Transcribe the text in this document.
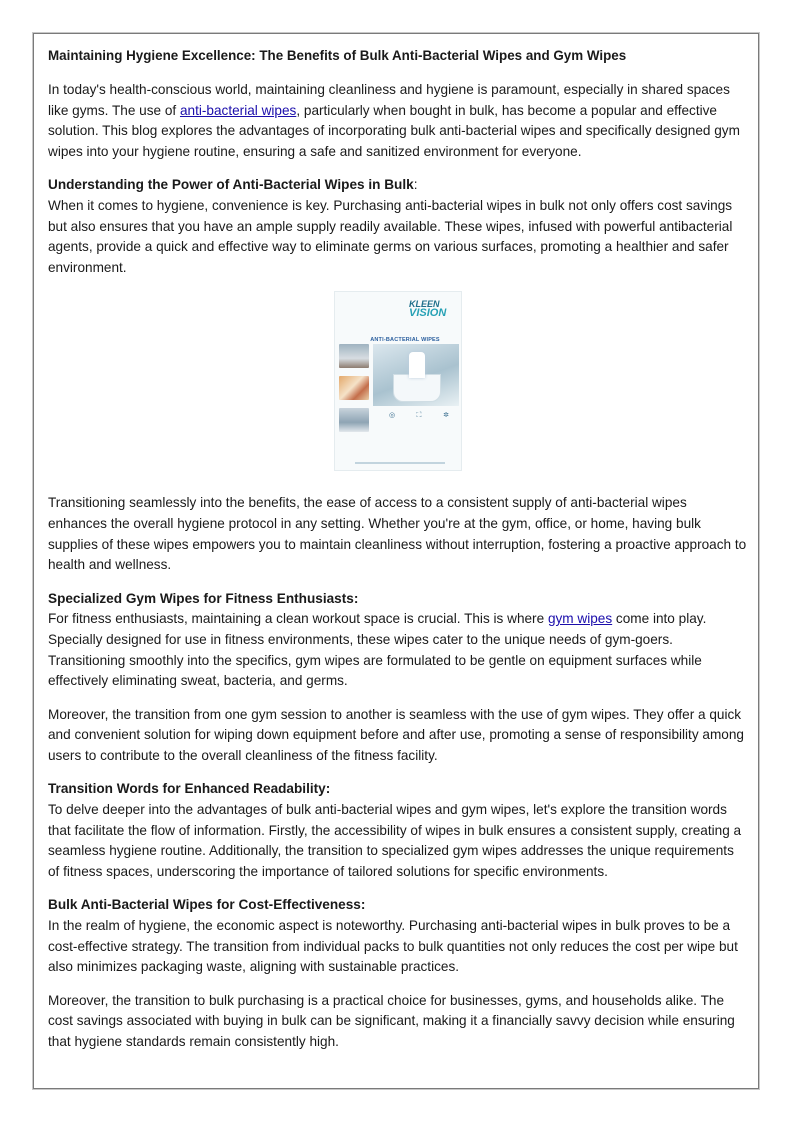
Maintaining Hygiene Excellence: The Benefits of Bulk Anti-Bacterial Wipes and Gym Wipes

In today's health-conscious world, maintaining cleanliness and hygiene is paramount, especially in shared spaces like gyms. The use of anti-bacterial wipes, particularly when bought in bulk, has become a popular and effective solution. This blog explores the advantages of incorporating bulk anti-bacterial wipes and specifically designed gym wipes into your hygiene routine, ensuring a safe and sanitized environment for everyone.

Understanding the Power of Anti-Bacterial Wipes in Bulk:
When it comes to hygiene, convenience is key. Purchasing anti-bacterial wipes in bulk not only offers cost savings but also ensures that you have an ample supply readily available. These wipes, infused with powerful antibacterial agents, provide a quick and effective way to eliminate germs on various surfaces, promoting a healthier and safer environment.

KLEEN
VISION
ANTI-BACTERIAL WIPES
◎	⛶	✲

Transitioning seamlessly into the benefits, the ease of access to a consistent supply of anti-bacterial wipes enhances the overall hygiene protocol in any setting. Whether you're at the gym, office, or home, having bulk supplies of these wipes empowers you to maintain cleanliness without interruption, fostering a proactive approach to health and wellness.

Specialized Gym Wipes for Fitness Enthusiasts:
For fitness enthusiasts, maintaining a clean workout space is crucial. This is where gym wipes come into play. Specially designed for use in fitness environments, these wipes cater to the unique needs of gym-goers. Transitioning smoothly into the specifics, gym wipes are formulated to be gentle on equipment surfaces while effectively eliminating sweat, bacteria, and germs.

Moreover, the transition from one gym session to another is seamless with the use of gym wipes. They offer a quick and convenient solution for wiping down equipment before and after use, promoting a sense of responsibility among users to contribute to the overall cleanliness of the fitness facility.

Transition Words for Enhanced Readability:
To delve deeper into the advantages of bulk anti-bacterial wipes and gym wipes, let's explore the transition words that facilitate the flow of information. Firstly, the accessibility of wipes in bulk ensures a consistent supply, creating a seamless hygiene routine. Additionally, the transition to specialized gym wipes addresses the unique requirements of fitness spaces, underscoring the importance of tailored solutions for specific environments.

Bulk Anti-Bacterial Wipes for Cost-Effectiveness:
In the realm of hygiene, the economic aspect is noteworthy. Purchasing anti-bacterial wipes in bulk proves to be a cost-effective strategy. The transition from individual packs to bulk quantities not only reduces the cost per wipe but also minimizes packaging waste, aligning with sustainable practices.

Moreover, the transition to bulk purchasing is a practical choice for businesses, gyms, and households alike. The cost savings associated with buying in bulk can be significant, making it a financially savvy decision while ensuring that hygiene standards remain consistently high.
